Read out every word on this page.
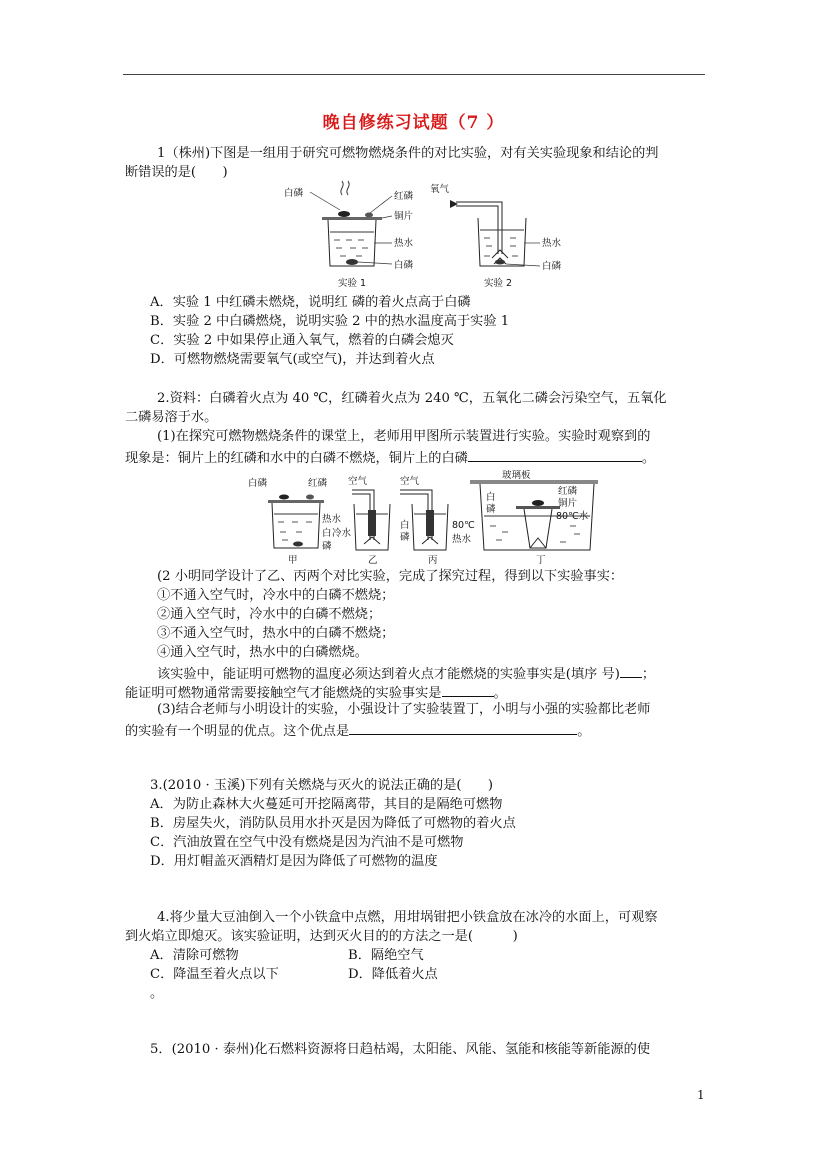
晚自修练习试题（7 ）
1（株州)下图是一组用于研究可燃物燃烧条件的对比实验，对有关实验现象和结论的判
断错误的是(　　)
白磷	红磷
铜片
热水
白磷
实验 1
氧气
热水
白磷
实验 2
A．实验 1 中红磷未燃烧，说明红 磷的着火点高于白磷
B．实验 2 中白磷燃烧，说明实验 2 中的热水温度高于实验 1
C．实验 2 中如果停止通入氧气，燃着的白磷会熄灭
D．可燃物燃烧需要氧气(或空气)，并达到着火点
2.资料：白磷着火点为 40 ℃，红磷着火点为 240 ℃，五氧化二磷会污染空气，五氧化
二磷易溶于水。
(1)在探究可燃物燃烧条件的课堂上，老师用甲图所示装置进行实验。实验时观察到的
现象是：铜片上的红磷和水中的白磷不燃烧，铜片上的白磷	。
白磷	红磷
热水
白
磷
甲
空气
冷水
乙
空气
白
磷
80℃
热水
丙
玻璃板
白
磷
红磷
铜片
80℃水
丁
(2 小明同学设计了乙、丙两个对比实验，完成了探究过程，得到以下实验事实：
①不通入空气时，冷水中的白磷不燃烧；
②通入空气时，冷水中的白磷不燃烧；
③不通入空气时，热水中的白磷不燃烧；
④通入空气时，热水中的白磷燃烧。
该实验中，能证明可燃物的温度必须达到着火点才能燃烧的实验事实是(填序 号) ；
能证明可燃物通常需要接触空气才能燃烧的实验事实是	。
(3)结合老师与小明设计的实验，小强设计了实验装置丁，小明与小强的实验都比老师
的实验有一个明显的优点。这个优点是	。
3.(2010 · 玉溪)下列有关燃烧与灭火的说法正确的是(　　)
A．为防止森林大火蔓延可开挖隔离带，其目的是隔绝可燃物
B．房屋失火，消防队员用水扑灭是因为降低了可燃物的着火点
C．汽油放置在空气中没有燃烧是因为汽油不是可燃物
D．用灯帽盖灭酒精灯是因为降低了可燃物的温度
4.将少量大豆油倒入一个小铁盒中点燃，用坩埚钳把小铁盒放在冰冷的水面上，可观察
到火焰立即熄灭。该实验证明，达到灭火目的的方法之一是(　　　)
A．清除可燃物	B．隔绝空气
C．降温至着火点以下	D．降低着火点
。
5．(2010 · 泰州)化石燃料资源将日趋枯竭，太阳能、风能、氢能和核能等新能源的使
1
